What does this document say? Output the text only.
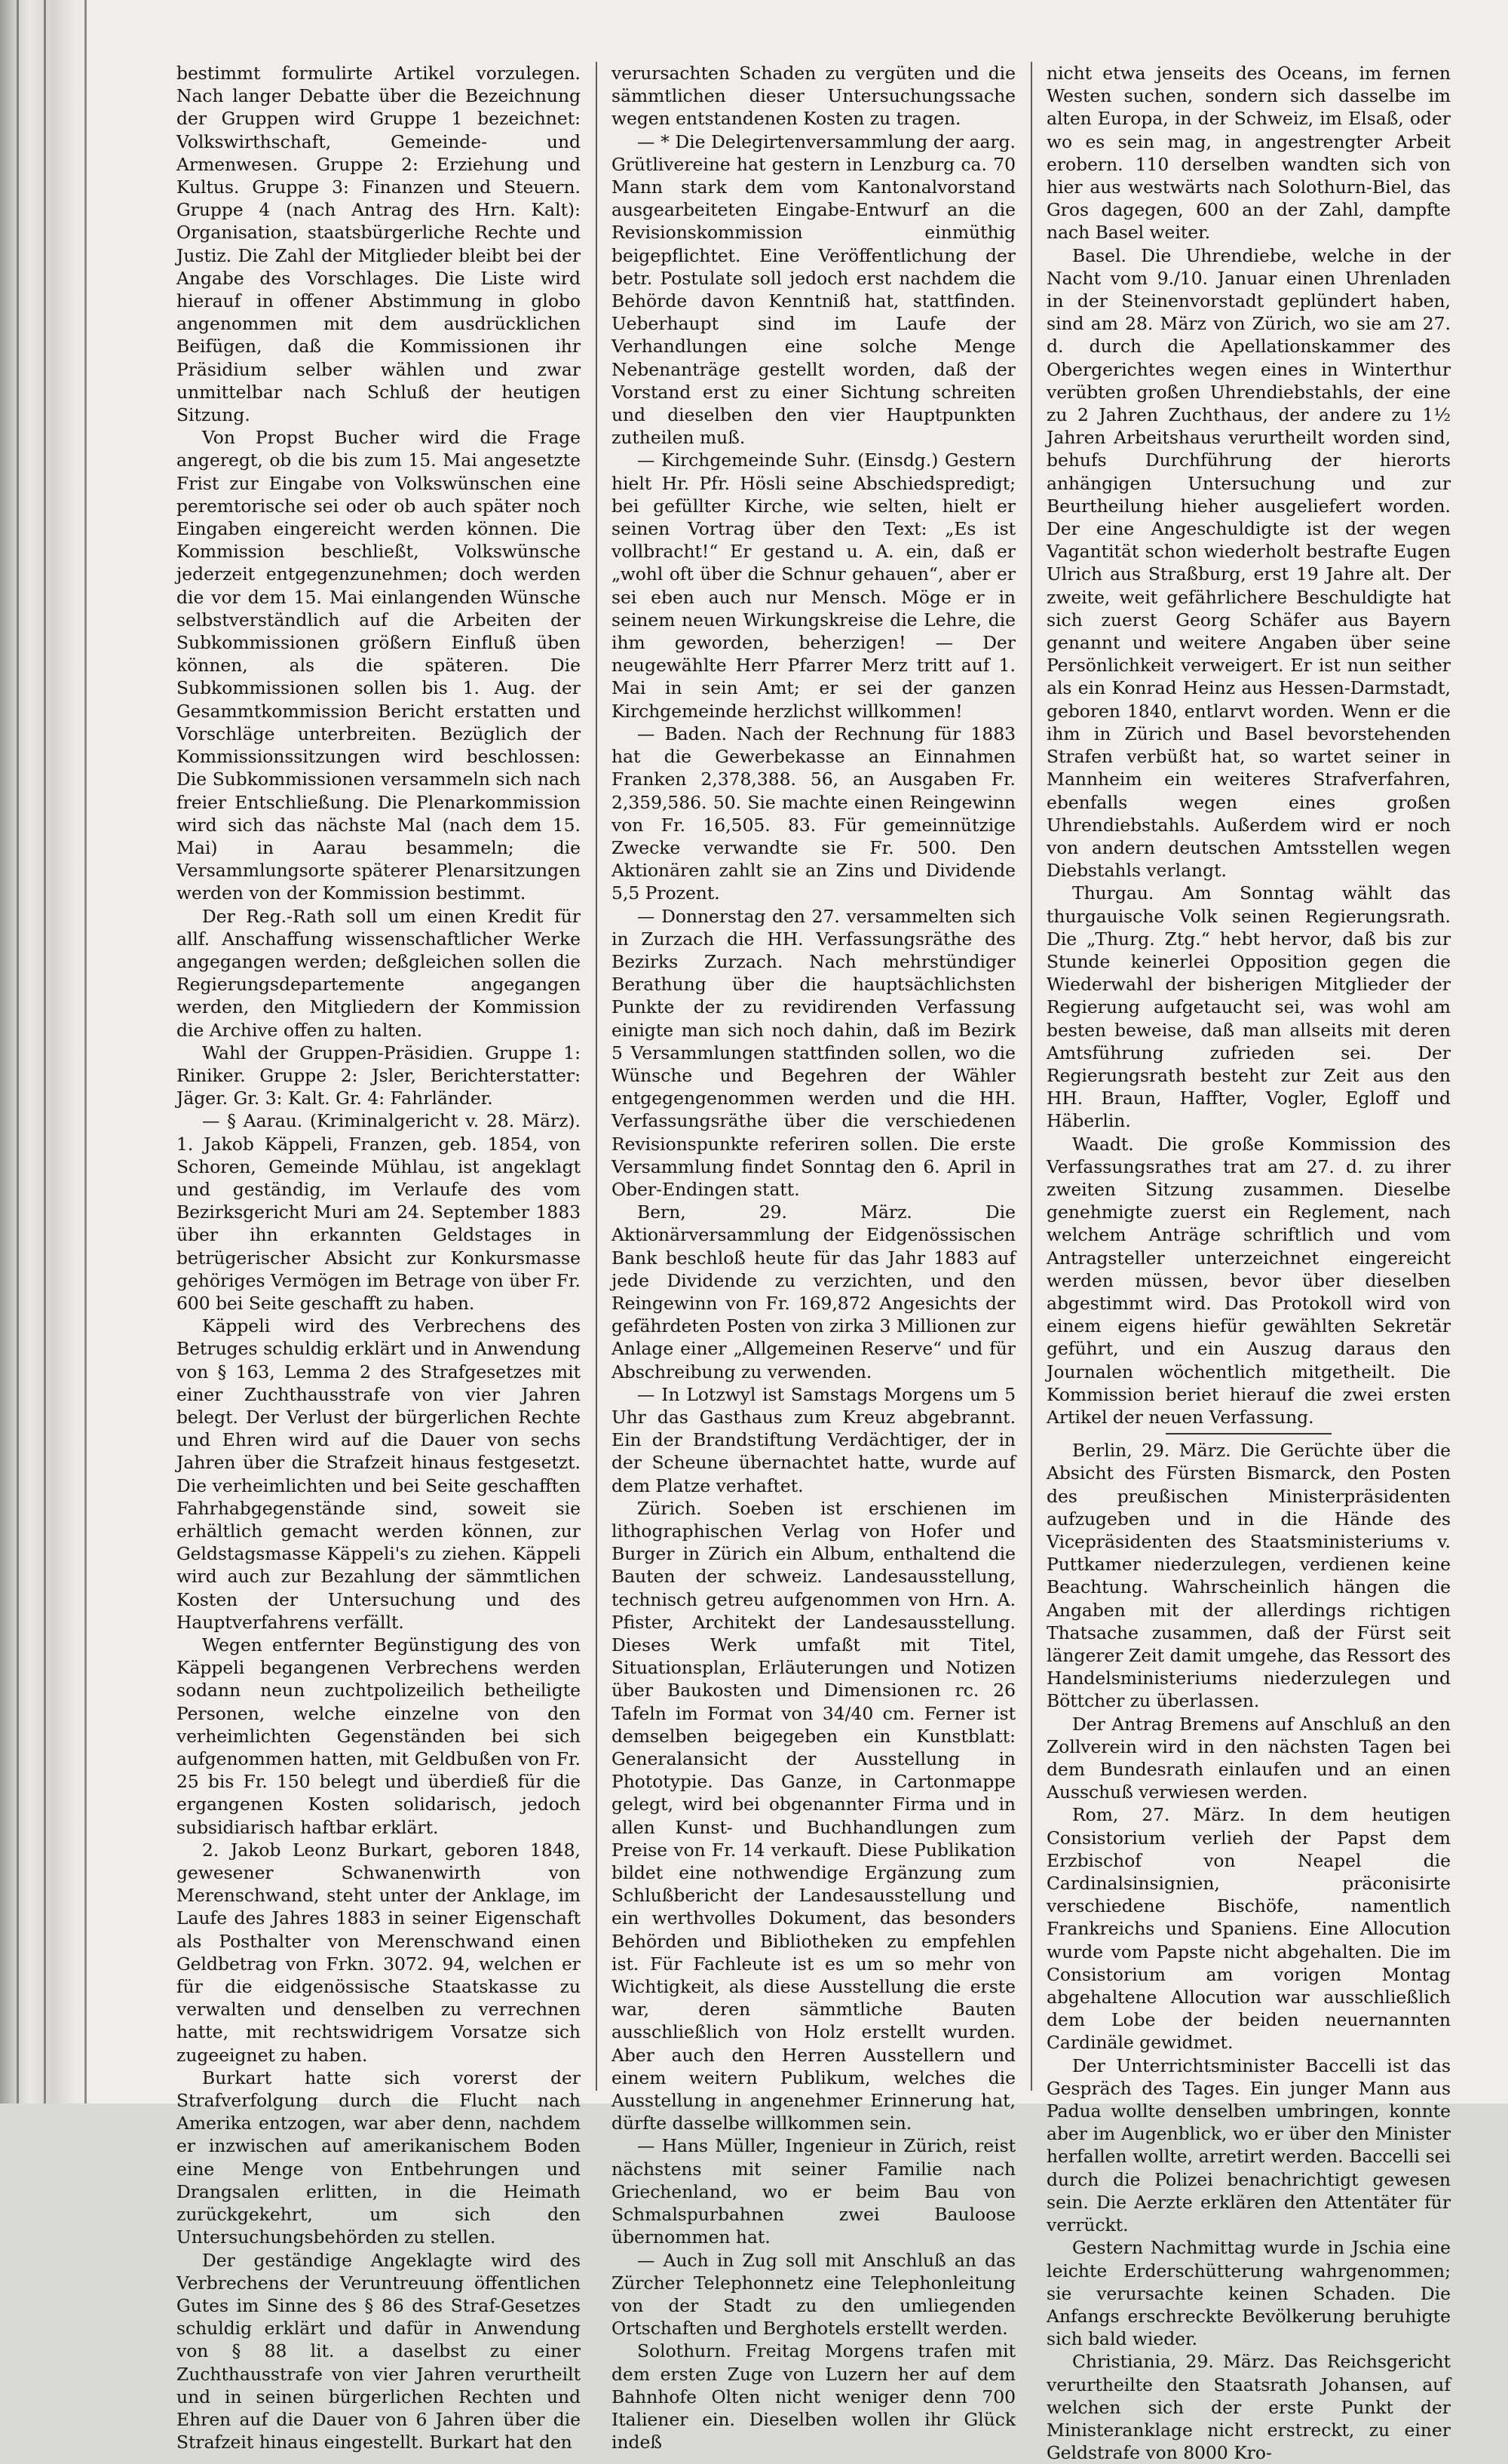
bestimmt formulirte Artikel vorzulegen. Nach langer Debatte über die Bezeichnung der Gruppen wird Gruppe 1 bezeichnet: Volkswirthschaft, Gemeinde- und Armenwesen. Gruppe 2: Erziehung und Kultus. Gruppe 3: Finanzen und Steuern. Gruppe 4 (nach Antrag des Hrn. Kalt): Organisation, staatsbürgerliche Rechte und Justiz. Die Zahl der Mitglieder bleibt bei der Angabe des Vorschlages. Die Liste wird hierauf in offener Abstimmung in globo angenommen mit dem ausdrücklichen Beifügen, daß die Kommissionen ihr Präsidium selber wählen und zwar unmittelbar nach Schluß der heutigen Sitzung.

Von Propst Bucher wird die Frage angeregt, ob die bis zum 15. Mai angesetzte Frist zur Eingabe von Volkswünschen eine peremtorische sei oder ob auch später noch Eingaben eingereicht werden können. Die Kommission beschließt, Volkswünsche jederzeit entgegenzunehmen; doch werden die vor dem 15. Mai einlangenden Wünsche selbstverständlich auf die Arbeiten der Subkommissionen größern Einfluß üben können, als die späteren. Die Subkommissionen sollen bis 1. Aug. der Gesammtkommission Bericht erstatten und Vorschläge unterbreiten. Bezüglich der Kommissionssitzungen wird beschlossen: Die Subkommissionen versammeln sich nach freier Entschließung. Die Plenarkommission wird sich das nächste Mal (nach dem 15. Mai) in Aarau besammeln; die Versammlungsorte späterer Plenarsitzungen werden von der Kommission bestimmt.

Der Reg.-Rath soll um einen Kredit für allf. Anschaffung wissenschaftlicher Werke angegangen werden; deßgleichen sollen die Regierungsdepartemente angegangen werden, den Mitgliedern der Kommission die Archive offen zu halten.

Wahl der Gruppen-Präsidien. Gruppe 1: Riniker. Gruppe 2: Jsler, Berichterstatter: Jäger. Gr. 3: Kalt. Gr. 4: Fahrländer.

— § Aarau. (Kriminalgericht v. 28. März). 1. Jakob Käppeli, Franzen, geb. 1854, von Schoren, Gemeinde Mühlau, ist angeklagt und geständig, im Verlaufe des vom Bezirksgericht Muri am 24. September 1883 über ihn erkannten Geldstages in betrügerischer Absicht zur Konkursmasse gehöriges Vermögen im Betrage von über Fr. 600 bei Seite geschafft zu haben.

Käppeli wird des Verbrechens des Betruges schuldig erklärt und in Anwendung von § 163, Lemma 2 des Strafgesetzes mit einer Zuchthausstrafe von vier Jahren belegt. Der Verlust der bürgerlichen Rechte und Ehren wird auf die Dauer von sechs Jahren über die Strafzeit hinaus festgesetzt. Die verheimlichten und bei Seite geschafften Fahrhabgegenstände sind, soweit sie erhältlich gemacht werden können, zur Geldstagsmasse Käppeli's zu ziehen. Käppeli wird auch zur Bezahlung der sämmtlichen Kosten der Untersuchung und des Hauptverfahrens verfällt.

Wegen entfernter Begünstigung des von Käppeli begangenen Verbrechens werden sodann neun zuchtpolizeilich betheiligte Personen, welche einzelne von den verheimlichten Gegenständen bei sich aufgenommen hatten, mit Geldbußen von Fr. 25 bis Fr. 150 belegt und überdieß für die ergangenen Kosten solidarisch, jedoch subsidiarisch haftbar erklärt.

2. Jakob Leonz Burkart, geboren 1848, gewesener Schwanenwirth von Merenschwand, steht unter der Anklage, im Laufe des Jahres 1883 in seiner Eigenschaft als Posthalter von Merenschwand einen Geldbetrag von Frkn. 3072. 94, welchen er für die eidgenössische Staatskasse zu verwalten und denselben zu verrechnen hatte, mit rechtswidrigem Vorsatze sich zugeeignet zu haben.

Burkart hatte sich vorerst der Strafverfolgung durch die Flucht nach Amerika entzogen, war aber denn, nachdem er inzwischen auf amerikanischem Boden eine Menge von Entbehrungen und Drangsalen erlitten, in die Heimath zurückgekehrt, um sich den Untersuchungsbehörden zu stellen.

Der geständige Angeklagte wird des Verbrechens der Veruntreuung öffentlichen Gutes im Sinne des § 86 des Straf-Gesetzes schuldig erklärt und dafür in Anwendung von § 88 lit. a daselbst zu einer Zuchthausstrafe von vier Jahren verurtheilt und in seinen bürgerlichen Rechten und Ehren auf die Dauer von 6 Jahren über die Strafzeit hinaus eingestellt. Burkart hat den

verursachten Schaden zu vergüten und die sämmtlichen dieser Untersuchungssache wegen entstandenen Kosten zu tragen.

— * Die Delegirtenversammlung der aarg. Grütlivereine hat gestern in Lenzburg ca. 70 Mann stark dem vom Kantonalvorstand ausgearbeiteten Eingabe-Entwurf an die Revisionskommission einmüthig beigepflichtet. Eine Veröffentlichung der betr. Postulate soll jedoch erst nachdem die Behörde davon Kenntniß hat, stattfinden. Ueberhaupt sind im Laufe der Verhandlungen eine solche Menge Nebenanträge gestellt worden, daß der Vorstand erst zu einer Sichtung schreiten und dieselben den vier Hauptpunkten zutheilen muß.

— Kirchgemeinde Suhr. (Einsdg.) Gestern hielt Hr. Pfr. Hösli seine Abschiedspredigt; bei gefüllter Kirche, wie selten, hielt er seinen Vortrag über den Text: „Es ist vollbracht!“ Er gestand u. A. ein, daß er „wohl oft über die Schnur gehauen“, aber er sei eben auch nur Mensch. Möge er in seinem neuen Wirkungskreise die Lehre, die ihm geworden, beherzigen! — Der neugewählte Herr Pfarrer Merz tritt auf 1. Mai in sein Amt; er sei der ganzen Kirchgemeinde herzlichst willkommen!

— Baden. Nach der Rechnung für 1883 hat die Gewerbekasse an Einnahmen Franken 2,378,388. 56, an Ausgaben Fr. 2,359,586. 50. Sie machte einen Reingewinn von Fr. 16,505. 83. Für gemeinnützige Zwecke verwandte sie Fr. 500. Den Aktionären zahlt sie an Zins und Dividende 5,5 Prozent.

— Donnerstag den 27. versammelten sich in Zurzach die HH. Verfassungsräthe des Bezirks Zurzach. Nach mehrstündiger Berathung über die hauptsächlichsten Punkte der zu revidirenden Verfassung einigte man sich noch dahin, daß im Bezirk 5 Versammlungen stattfinden sollen, wo die Wünsche und Begehren der Wähler entgegengenommen werden und die HH. Verfassungsräthe über die verschiedenen Revisionspunkte referiren sollen. Die erste Versammlung findet Sonntag den 6. April in Ober-Endingen statt.

Bern, 29. März. Die Aktionärversammlung der Eidgenössischen Bank beschloß heute für das Jahr 1883 auf jede Dividende zu verzichten, und den Reingewinn von Fr. 169,872 Angesichts der gefährdeten Posten von zirka 3 Millionen zur Anlage einer „Allgemeinen Reserve“ und für Abschreibung zu verwenden.

— In Lotzwyl ist Samstags Morgens um 5 Uhr das Gasthaus zum Kreuz abgebrannt. Ein der Brandstiftung Verdächtiger, der in der Scheune übernachtet hatte, wurde auf dem Platze verhaftet.

Zürich. Soeben ist erschienen im lithographischen Verlag von Hofer und Burger in Zürich ein Album, enthaltend die Bauten der schweiz. Landesausstellung, technisch getreu aufgenommen von Hrn. A. Pfister, Architekt der Landesausstellung. Dieses Werk umfaßt mit Titel, Situationsplan, Erläuterungen und Notizen über Baukosten und Dimensionen rc. 26 Tafeln im Format von 34/40 cm. Ferner ist demselben beigegeben ein Kunstblatt: Generalansicht der Ausstellung in Phototypie. Das Ganze, in Cartonmappe gelegt, wird bei obgenannter Firma und in allen Kunst- und Buchhandlungen zum Preise von Fr. 14 verkauft. Diese Publikation bildet eine nothwendige Ergänzung zum Schlußbericht der Landesausstellung und ein werthvolles Dokument, das besonders Behörden und Bibliotheken zu empfehlen ist. Für Fachleute ist es um so mehr von Wichtigkeit, als diese Ausstellung die erste war, deren sämmtliche Bauten ausschließlich von Holz erstellt wurden. Aber auch den Herren Ausstellern und einem weitern Publikum, welches die Ausstellung in angenehmer Erinnerung hat, dürfte dasselbe willkommen sein.

— Hans Müller, Ingenieur in Zürich, reist nächstens mit seiner Familie nach Griechenland, wo er beim Bau von Schmalspurbahnen zwei Bauloose übernommen hat.

— Auch in Zug soll mit Anschluß an das Zürcher Telephonnetz eine Telephonleitung von der Stadt zu den umliegenden Ortschaften und Berghotels erstellt werden.

Solothurn. Freitag Morgens trafen mit dem ersten Zuge von Luzern her auf dem Bahnhofe Olten nicht weniger denn 700 Italiener ein. Dieselben wollen ihr Glück indeß

nicht etwa jenseits des Oceans, im fernen Westen suchen, sondern sich dasselbe im alten Europa, in der Schweiz, im Elsaß, oder wo es sein mag, in angestrengter Arbeit erobern. 110 derselben wandten sich von hier aus westwärts nach Solothurn-Biel, das Gros dagegen, 600 an der Zahl, dampfte nach Basel weiter.

Basel. Die Uhrendiebe, welche in der Nacht vom 9./10. Januar einen Uhrenladen in der Steinenvorstadt geplündert haben, sind am 28. März von Zürich, wo sie am 27. d. durch die Apellationskammer des Obergerichtes wegen eines in Winterthur verübten großen Uhrendiebstahls, der eine zu 2 Jahren Zuchthaus, der andere zu 1½ Jahren Arbeitshaus verurtheilt worden sind, behufs Durchführung der hierorts anhängigen Untersuchung und zur Beurtheilung hieher ausgeliefert worden. Der eine Angeschuldigte ist der wegen Vagantität schon wiederholt bestrafte Eugen Ulrich aus Straßburg, erst 19 Jahre alt. Der zweite, weit gefährlichere Beschuldigte hat sich zuerst Georg Schäfer aus Bayern genannt und weitere Angaben über seine Persönlichkeit verweigert. Er ist nun seither als ein Konrad Heinz aus Hessen-Darmstadt, geboren 1840, entlarvt worden. Wenn er die ihm in Zürich und Basel bevorstehenden Strafen verbüßt hat, so wartet seiner in Mannheim ein weiteres Strafverfahren, ebenfalls wegen eines großen Uhrendiebstahls. Außerdem wird er noch von andern deutschen Amtsstellen wegen Diebstahls verlangt.

Thurgau. Am Sonntag wählt das thurgauische Volk seinen Regierungsrath. Die „Thurg. Ztg.“ hebt hervor, daß bis zur Stunde keinerlei Opposition gegen die Wiederwahl der bisherigen Mitglieder der Regierung aufgetaucht sei, was wohl am besten beweise, daß man allseits mit deren Amtsführung zufrieden sei. Der Regierungsrath besteht zur Zeit aus den HH. Braun, Haffter, Vogler, Egloff und Häberlin.

Waadt. Die große Kommission des Verfassungsrathes trat am 27. d. zu ihrer zweiten Sitzung zusammen. Dieselbe genehmigte zuerst ein Reglement, nach welchem Anträge schriftlich und vom Antragsteller unterzeichnet eingereicht werden müssen, bevor über dieselben abgestimmt wird. Das Protokoll wird von einem eigens hiefür gewählten Sekretär geführt, und ein Auszug daraus den Journalen wöchentlich mitgetheilt. Die Kommission beriet hierauf die zwei ersten Artikel der neuen Verfassung.

Berlin, 29. März. Die Gerüchte über die Absicht des Fürsten Bismarck, den Posten des preußischen Ministerpräsidenten aufzugeben und in die Hände des Vicepräsidenten des Staatsministeriums v. Puttkamer niederzulegen, verdienen keine Beachtung. Wahrscheinlich hängen die Angaben mit der allerdings richtigen Thatsache zusammen, daß der Fürst seit längerer Zeit damit umgehe, das Ressort des Handelsministeriums niederzulegen und Böttcher zu überlassen.

Der Antrag Bremens auf Anschluß an den Zollverein wird in den nächsten Tagen bei dem Bundesrath einlaufen und an einen Ausschuß verwiesen werden.

Rom, 27. März. In dem heutigen Consistorium verlieh der Papst dem Erzbischof von Neapel die Cardinalsinsignien, präconisirte verschiedene Bischöfe, namentlich Frankreichs und Spaniens. Eine Allocution wurde vom Papste nicht abgehalten. Die im Consistorium am vorigen Montag abgehaltene Allocution war ausschließlich dem Lobe der beiden neuernannten Cardinäle gewidmet.

Der Unterrichtsminister Baccelli ist das Gespräch des Tages. Ein junger Mann aus Padua wollte denselben umbringen, konnte aber im Augenblick, wo er über den Minister herfallen wollte, arretirt werden. Baccelli sei durch die Polizei benachrichtigt gewesen sein. Die Aerzte erklären den Attentäter für verrückt.

Gestern Nachmittag wurde in Jschia eine leichte Erderschütterung wahrgenommen; sie verursachte keinen Schaden. Die Anfangs erschreckte Bevölkerung beruhigte sich bald wieder.

Christiania, 29. März. Das Reichsgericht verurtheilte den Staatsrath Johansen, auf welchen sich der erste Punkt der Ministeranklage nicht erstreckt, zu einer Geldstrafe von 8000 Kro-
